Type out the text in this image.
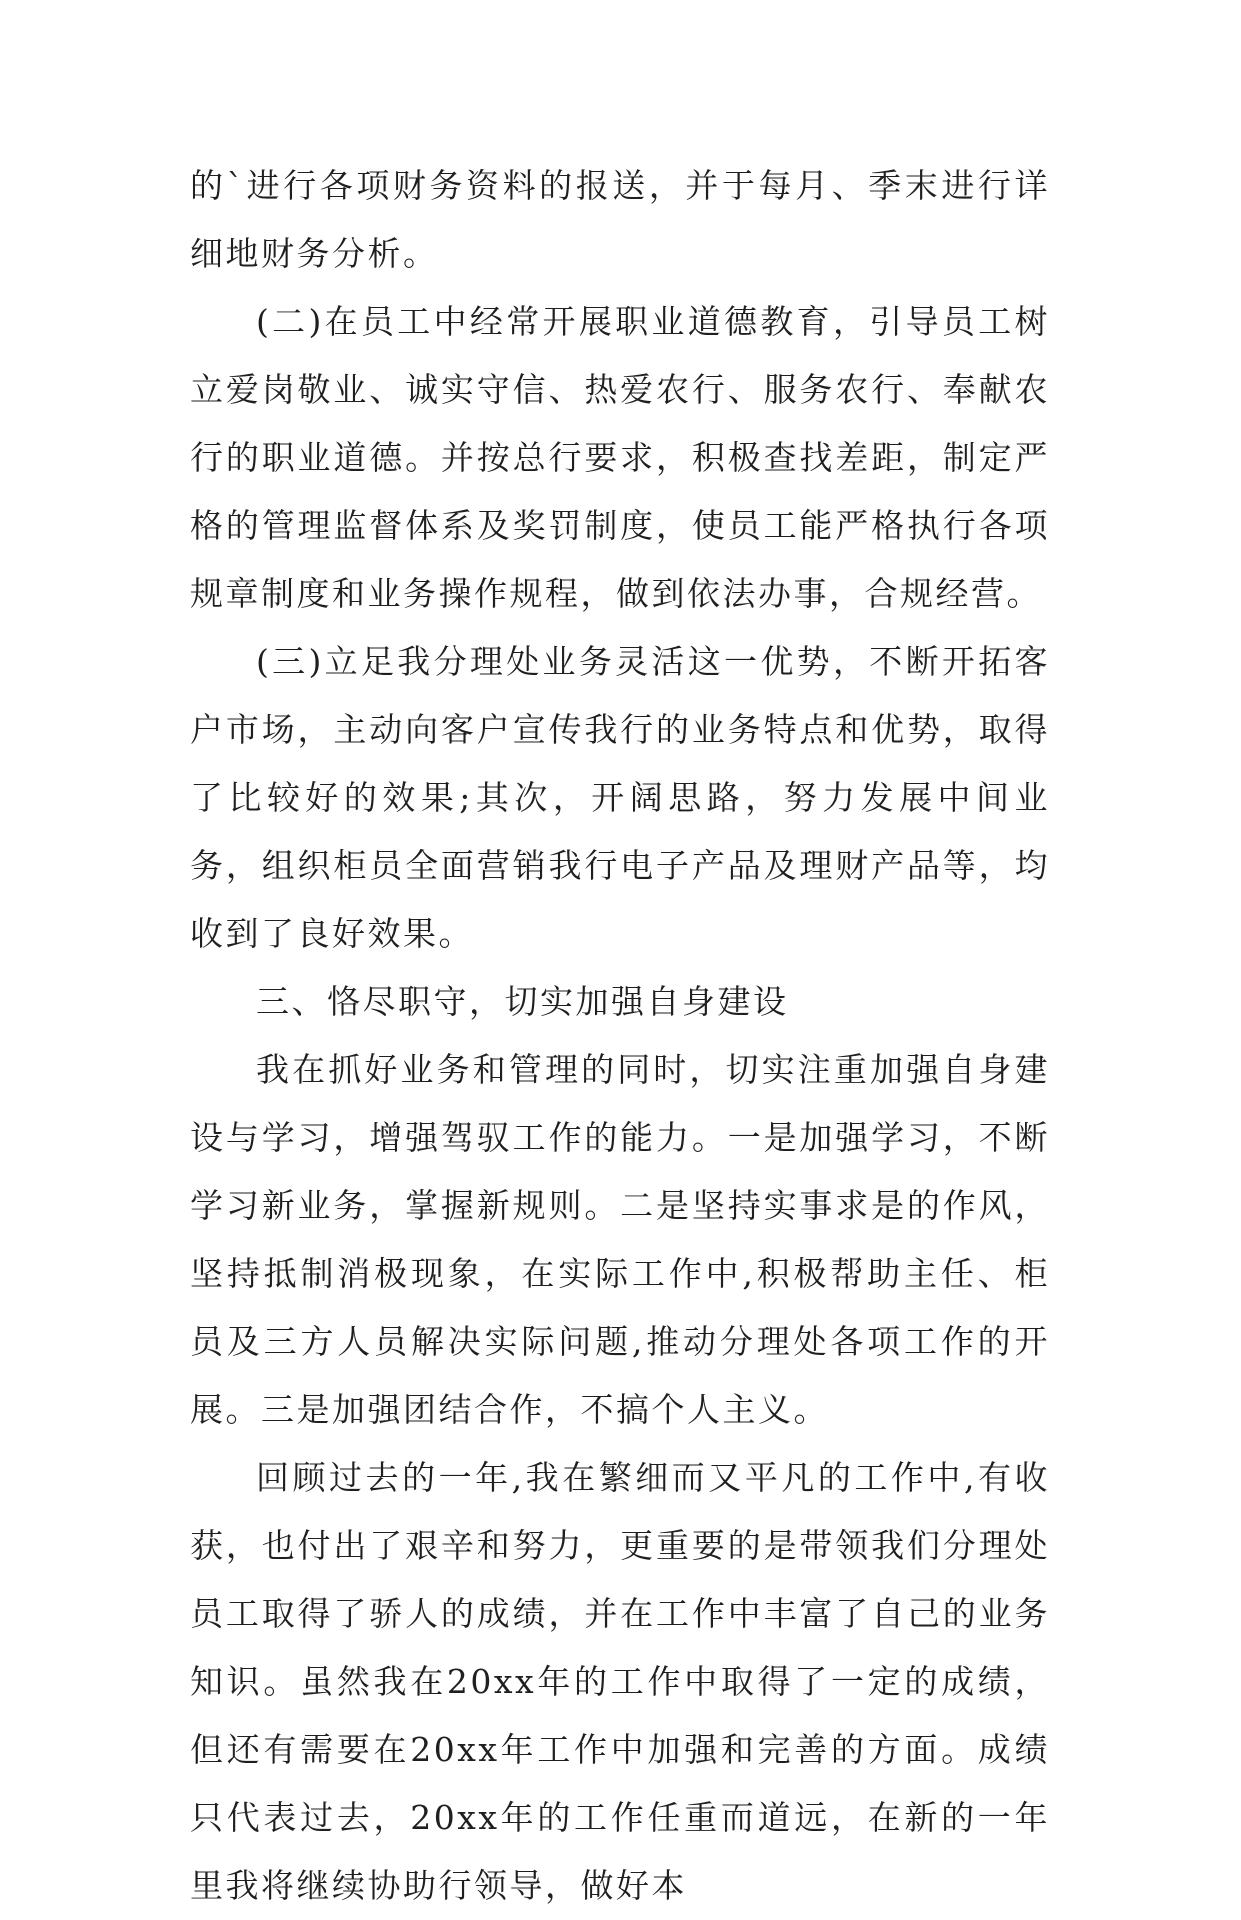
的`进行各项财务资料的报送，并于每月、季末进行详细地财务分析。

(二)在员工中经常开展职业道德教育，引导员工树立爱岗敬业、诚实守信、热爱农行、服务农行、奉献农行的职业道德。并按总行要求，积极查找差距，制定严格的管理监督体系及奖罚制度，使员工能严格执行各项规章制度和业务操作规程，做到依法办事，合规经营。

(三)立足我分理处业务灵活这一优势，不断开拓客户市场，主动向客户宣传我行的业务特点和优势，取得了比较好的效果;其次，开阔思路，努力发展中间业务，组织柜员全面营销我行电子产品及理财产品等，均收到了良好效果。

三、恪尽职守，切实加强自身建设

我在抓好业务和管理的同时，切实注重加强自身建设与学习，增强驾驭工作的能力。一是加强学习，不断学习新业务，掌握新规则。二是坚持实事求是的作风，坚持抵制消极现象，在实际工作中,积极帮助主任、柜员及三方人员解决实际问题,推动分理处各项工作的开展。三是加强团结合作，不搞个人主义。

回顾过去的一年,我在繁细而又平凡的工作中,有收获，也付出了艰辛和努力，更重要的是带领我们分理处员工取得了骄人的成绩，并在工作中丰富了自己的业务知识。虽然我在20xx年的工作中取得了一定的成绩，但还有需要在20xx年工作中加强和完善的方面。成绩只代表过去，20xx年的工作任重而道远，在新的一年里我将继续协助行领导，做好本
